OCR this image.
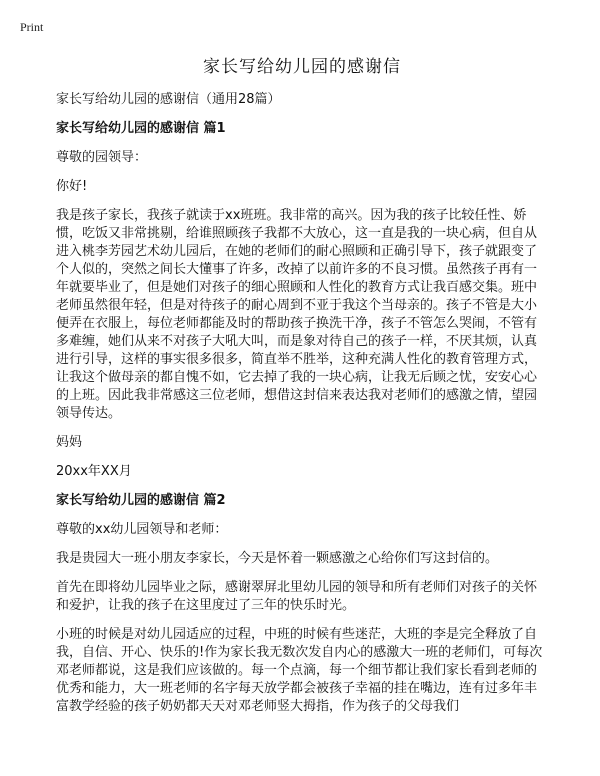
Print
家长写给幼儿园的感谢信
家长写给幼儿园的感谢信（通用28篇）
家长写给幼儿园的感谢信 篇1
尊敬的园领导：
你好!
我是孩子家长，我孩子就读于xx班班。我非常的高兴。因为我的孩子比较任性、娇惯，吃饭又非常挑剔，给谁照顾孩子我都不大放心，这一直是我的一块心病，但自从进入桃李芳园艺术幼儿园后，在她的老师们的耐心照顾和正确引导下，孩子就跟变了个人似的，突然之间长大懂事了许多，改掉了以前许多的不良习惯。虽然孩子再有一年就要毕业了，但是她们对孩子的细心照顾和人性化的教育方式让我百感交集。班中老师虽然很年轻，但是对待孩子的耐心周到不亚于我这个当母亲的。孩子不管是大小便弄在衣服上，每位老师都能及时的帮助孩子换洗干净，孩子不管怎么哭闹，不管有多难缠，她们从来不对孩子大吼大叫，而是象对待自己的孩子一样，不厌其烦，认真进行引导，这样的事实很多很多，简直举不胜举，这种充满人性化的教育管理方式，让我这个做母亲的都自愧不如，它去掉了我的一块心病，让我无后顾之忧，安安心心的上班。因此我非常感这三位老师，想借这封信来表达我对老师们的感激之情，望园领导传达。
妈妈
20xx年XX月
家长写给幼儿园的感谢信 篇2
尊敬的xx幼儿园领导和老师：
我是贵园大一班小朋友李家长，今天是怀着一颗感激之心给你们写这封信的。
首先在即将幼儿园毕业之际，感谢翠屏北里幼儿园的领导和所有老师们对孩子的关怀和爱护，让我的孩子在这里度过了三年的快乐时光。
小班的时候是对幼儿园适应的过程，中班的时候有些迷茫，大班的李是完全释放了自我，自信、开心、快乐的!作为家长我无数次发自内心的感激大一班的老师们，可每次邓老师都说，这是我们应该做的。每一个点滴，每一个细节都让我们家长看到老师的优秀和能力，大一班老师的名字每天放学都会被孩子幸福的挂在嘴边，连有过多年丰富教学经验的孩子奶奶都天天对邓老师竖大拇指，作为孩子的父母我们
